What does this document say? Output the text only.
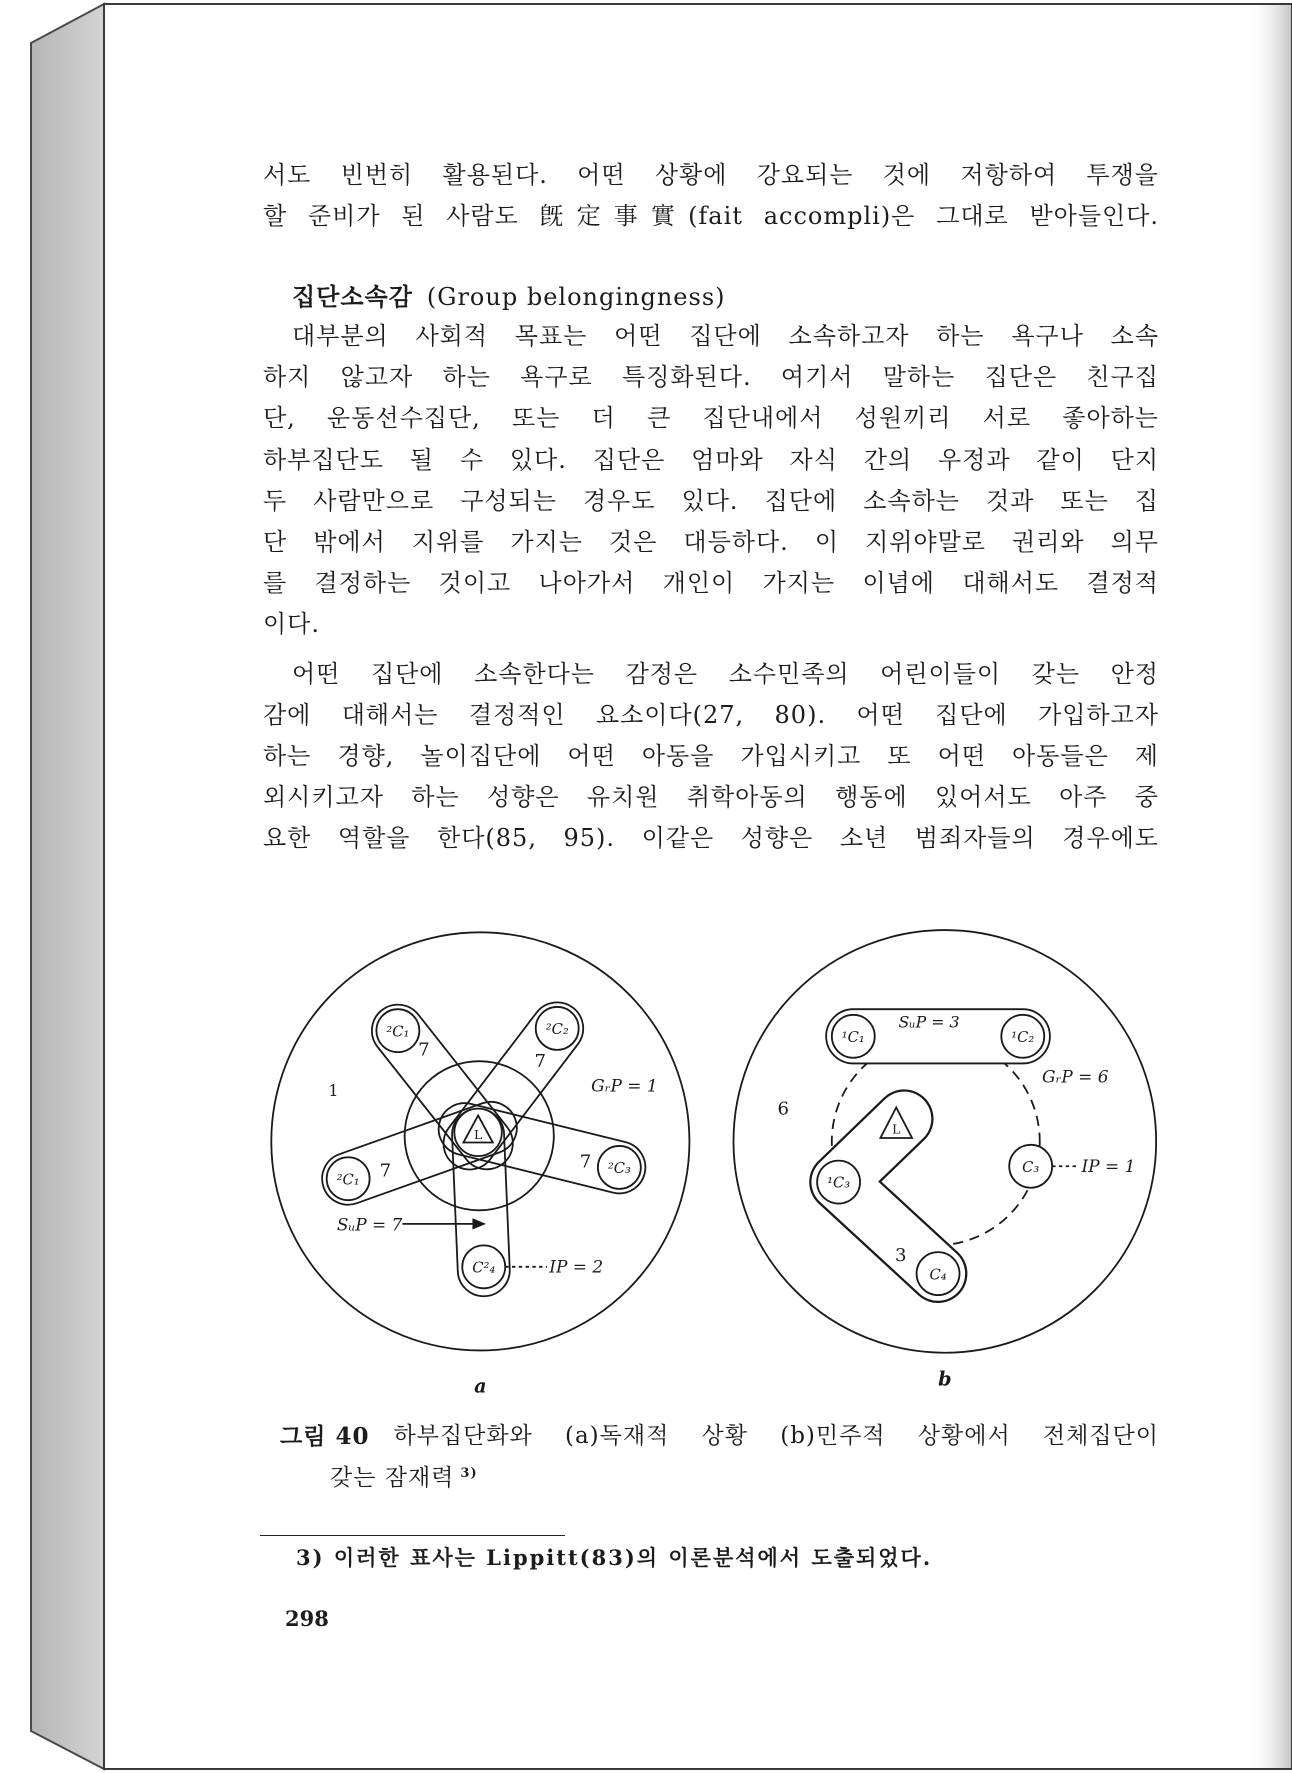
서도 빈번히 활용된다. 어떤 상황에 강요되는 것에 저항하여 투쟁을
할 준비가 된 사람도 旣定事實(fait accompli)은 그대로 받아들인다.
집단소속감 (Group belongingness)
대부분의 사회적 목표는 어떤 집단에 소속하고자 하는 욕구나 소속
하지 않고자 하는 욕구로 특징화된다. 여기서 말하는 집단은 친구집
단, 운동선수집단, 또는 더 큰 집단내에서 성원끼리 서로 좋아하는
하부집단도 될 수 있다. 집단은 엄마와 자식 간의 우정과 같이 단지
두 사람만으로 구성되는 경우도 있다. 집단에 소속하는 것과 또는 집
단 밖에서 지위를 가지는 것은 대등하다. 이 지위야말로 권리와 의무
를 결정하는 것이고 나아가서 개인이 가지는 이념에 대해서도 결정적
이다.
어떤 집단에 소속한다는 감정은 소수민족의 어린이들이 갖는 안정
감에 대해서는 결정적인 요소이다(27, 80). 어떤 집단에 가입하고자
하는 경향, 놀이집단에 어떤 아동을 가입시키고 또 어떤 아동들은 제
외시키고자 하는 성향은 유치원 취학아동의 행동에 있어서도 아주 중
요한 역할을 한다(85, 95). 이같은 성향은 소년 범죄자들의 경우에도
L
²C₁	²C₂
²C₁
²C₃
C²₄
7
7
7	7
1	GᵣP = 1
SᵤP = 7
IP = 2
a
L
¹C₁	¹C₂
¹C₃
C₄
C₃
SᵤP = 3
3
6
GᵣP = 6
IP = 1
b
그림 40 하부집단화와 (a)독재적 상황 (b)민주적 상황에서 전체집단이
갖는 잠재력 $^{3)}$
3) 이러한 표사는 Lippitt(83)의 이론분석에서 도출되었다.
298
